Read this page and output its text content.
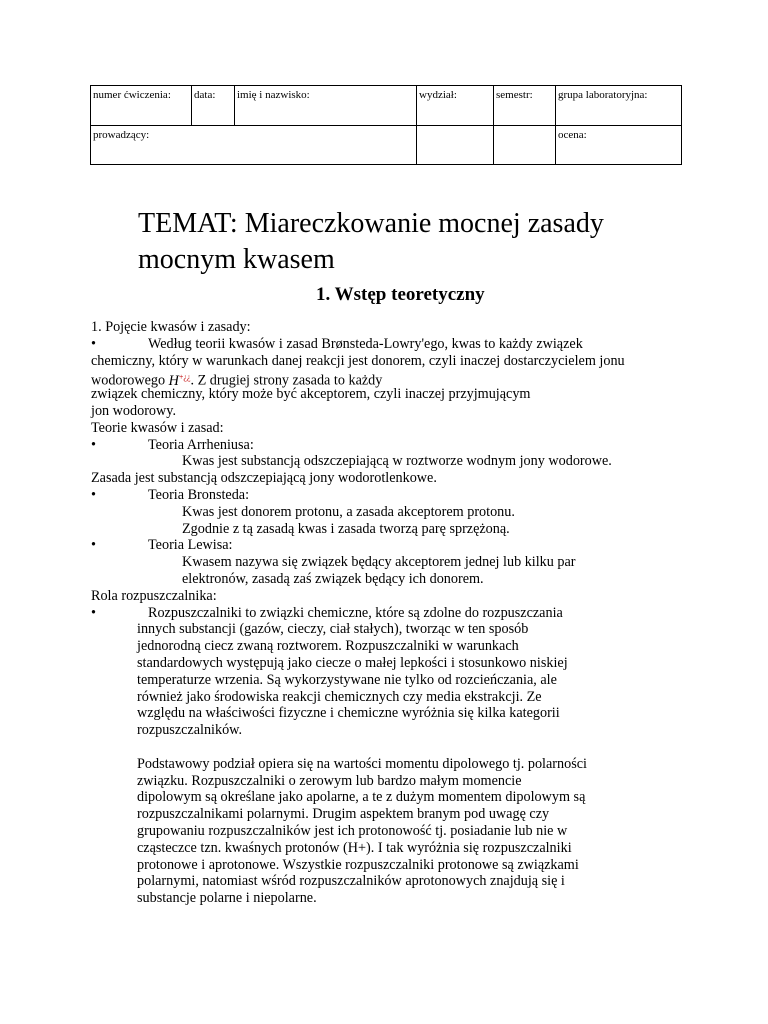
numer ćwiczenia:	data:	imię i nazwisko:	wydział:	semestr:	grupa laboratoryjna:
prowadzący:					ocena:
TEMAT: Miareczkowanie mocnej zasady
mocnym kwasem
1. Wstęp teoretyczny
1. Pojęcie kwasów i zasady:
•	Według teorii kwasów i zasad Brønsteda-Lowry'ego, kwas to każdy związek
chemiczny, który w warunkach danej reakcji jest donorem, czyli inaczej dostarczycielem jonu
wodorowego H+¿¿. Z drugiej strony zasada to każdy
związek chemiczny, który może być akceptorem, czyli inaczej przyjmującym
jon wodorowy.
Teorie kwasów i zasad:
•	Teoria Arrheniusa:
Kwas jest substancją odszczepiającą w roztworze wodnym jony wodorowe.
Zasada jest substancją odszczepiającą jony wodorotlenkowe.
•	Teoria Bronsteda:
Kwas jest donorem protonu, a zasada akceptorem protonu.
Zgodnie z tą zasadą kwas i zasada tworzą parę sprzężoną.
•	Teoria Lewisa:
Kwasem nazywa się związek będący akceptorem jednej lub kilku par
elektronów, zasadą zaś związek będący ich donorem.
Rola rozpuszczalnika:
•	Rozpuszczalniki to związki chemiczne, które są zdolne do rozpuszczania
innych substancji (gazów, cieczy, ciał stałych), tworząc w ten sposób
jednorodną ciecz zwaną roztworem. Rozpuszczalniki w warunkach
standardowych występują jako ciecze o małej lepkości i stosunkowo niskiej
temperaturze wrzenia. Są wykorzystywane nie tylko od rozcieńczania, ale
również jako środowiska reakcji chemicznych czy media ekstrakcji. Ze
względu na właściwości fizyczne i chemiczne wyróżnia się kilka kategorii
rozpuszczalników.
Podstawowy podział opiera się na wartości momentu dipolowego tj. polarności
związku. Rozpuszczalniki o zerowym lub bardzo małym momencie
dipolowym są określane jako apolarne, a te z dużym momentem dipolowym są
rozpuszczalnikami polarnymi. Drugim aspektem branym pod uwagę czy
grupowaniu rozpuszczalników jest ich protonowość tj. posiadanie lub nie w
cząsteczce tzn. kwaśnych protonów (H+). I tak wyróżnia się rozpuszczalniki
protonowe i aprotonowe. Wszystkie rozpuszczalniki protonowe są związkami
polarnymi, natomiast wśród rozpuszczalników aprotonowych znajdują się i
substancje polarne i niepolarne.
